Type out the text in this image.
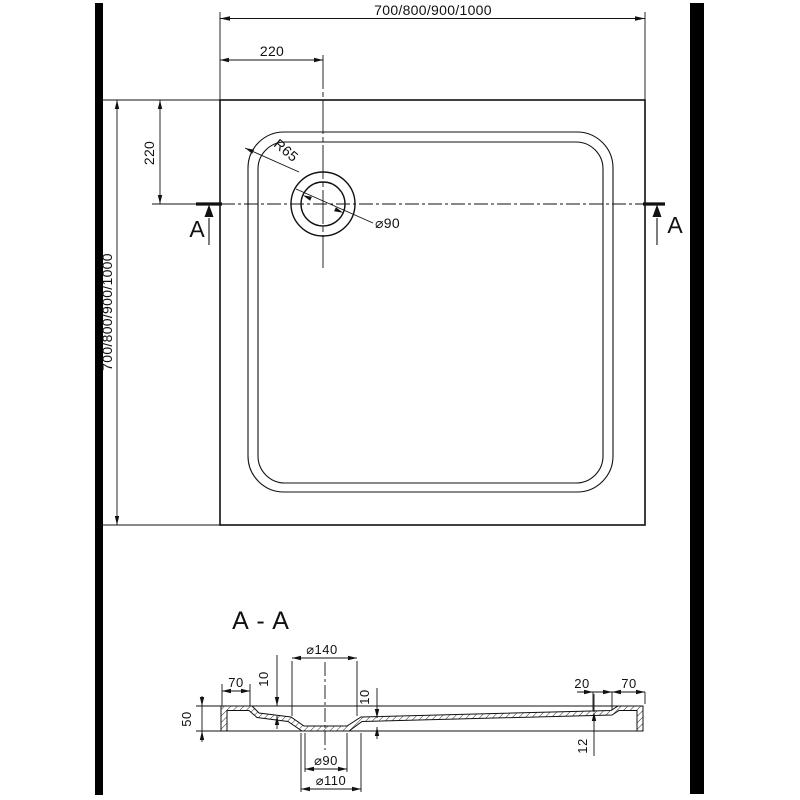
700/800/900/1000
220
700/800/900/1000
220	R65
⌀90
A	A
A - A
70 10
⌀140
10
50
20 70
12
⌀90
⌀110
